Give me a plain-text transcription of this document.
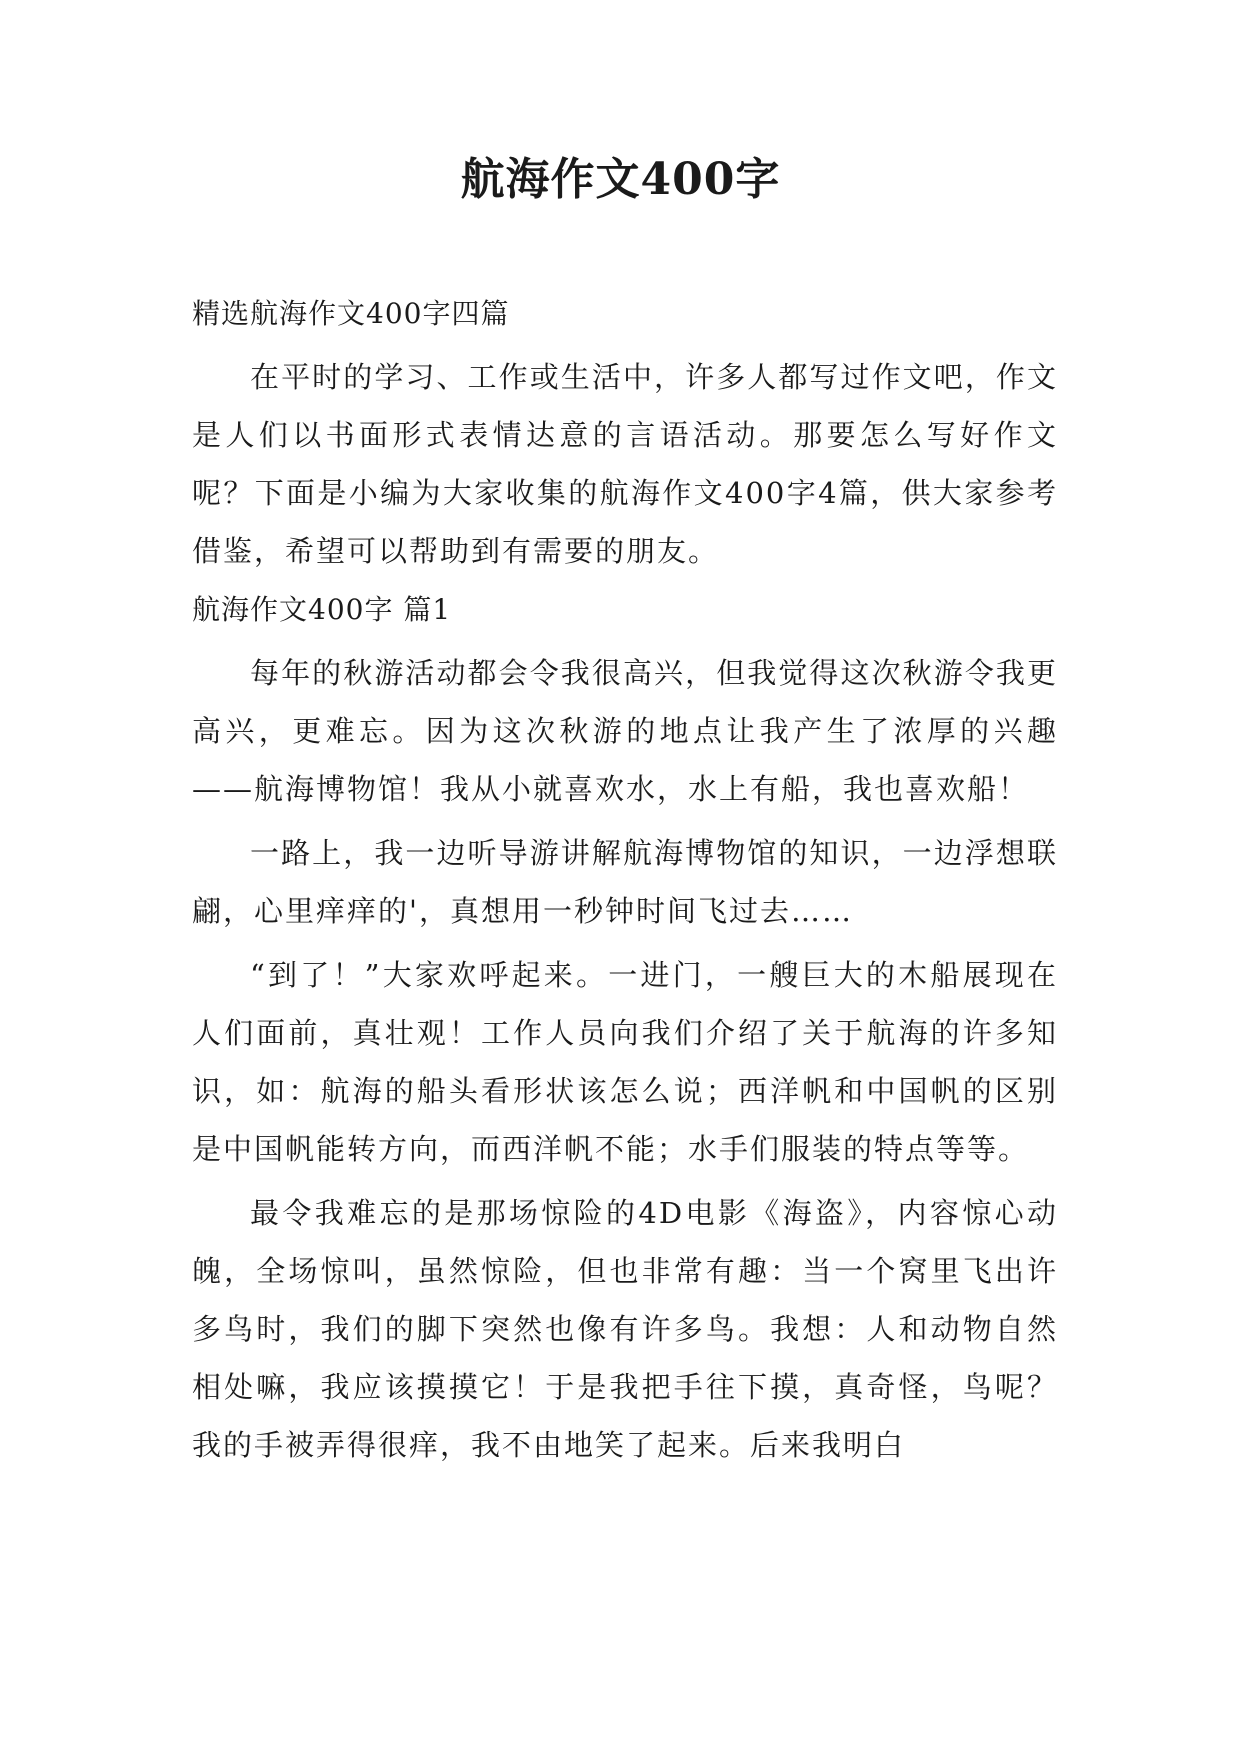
航海作文400字
精选航海作文400字四篇

在平时的学习、工作或生活中，许多人都写过作文吧，作文是人们以书面形式表情达意的言语活动。那要怎么写好作文呢？下面是小编为大家收集的航海作文400字4篇，供大家参考借鉴，希望可以帮助到有需要的朋友。

航海作文400字 篇1

每年的秋游活动都会令我很高兴，但我觉得这次秋游令我更高兴，更难忘。因为这次秋游的地点让我产生了浓厚的兴趣——航海博物馆！我从小就喜欢水，水上有船，我也喜欢船！

一路上，我一边听导游讲解航海博物馆的知识，一边浮想联翩，心里痒痒的'，真想用一秒钟时间飞过去……

“到了！”大家欢呼起来。一进门，一艘巨大的木船展现在人们面前，真壮观！工作人员向我们介绍了关于航海的许多知识，如：航海的船头看形状该怎么说；西洋帆和中国帆的区别是中国帆能转方向，而西洋帆不能；水手们服装的特点等等。

最令我难忘的是那场惊险的4D电影《海盗》，内容惊心动魄，全场惊叫，虽然惊险，但也非常有趣：当一个窝里飞出许多鸟时，我们的脚下突然也像有许多鸟。我想：人和动物自然相处嘛，我应该摸摸它！于是我把手往下摸，真奇怪，鸟呢？我的手被弄得很痒，我不由地笑了起来。后来我明白
